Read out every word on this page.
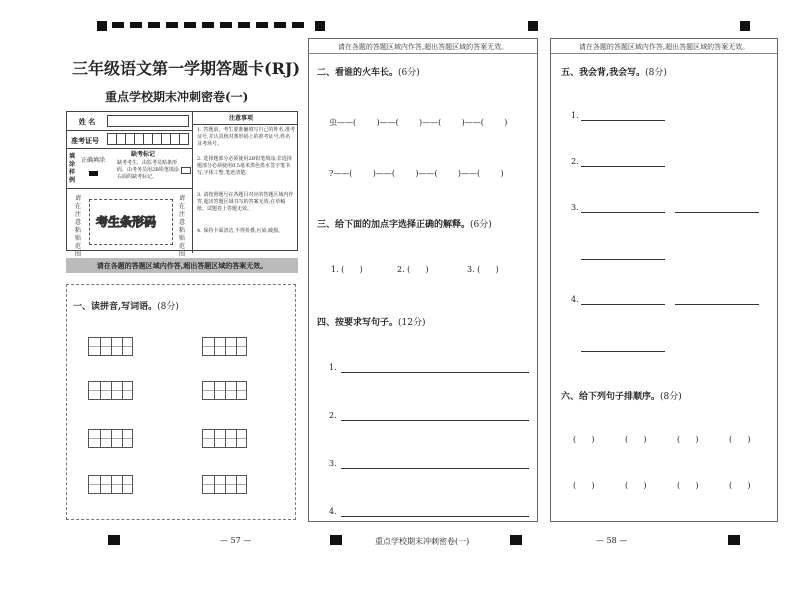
三年级语文第一学期答题卡(RJ)
重点学校期末冲刺密卷(一)
姓 名
准考证号
填涂样例
正确填涂
缺考标记
缺考考生，由监考员贴条形码，由考务员用2B铅笔填涂右面的缺考标记。
请在注意粘贴范围
考生条形码
请在注意粘贴范围
注意事项
1. 答题前，考生要准确填写自己的姓名,准考证号,并认真核对条形码上的准考证号,姓名及考场号。
2. 选择题部分必须使用2B铅笔填涂;非选择题部分必须使用0.5毫米黑色墨水签字笔书写,字体工整,笔迹清楚。
3. 请按照题号在各题目对应的答题区域内作答,超出答题区域书写的答案无效;在草稿纸、试题卷上答题无效。
4. 保持卡面清洁,不得折叠,污染,破损。
请在各题的答题区域内作答,超出答题区域的答案无效。
一、读拼音,写词语。(8分)
请在各题的答题区域内作答,超出答题区域的答案无效。
二、看谁的火车长。(6分)
虫——(        )——(        )——(        )——(        )
?——(        )——(        )——(        )——(        )
三、给下面的加点字选择正确的解释。(6分)
1. (      )	2. (      )	3. (      )
四、按要求写句子。(12分)
1.
2.
3.
4.
请在各题的答题区域内作答,超出答题区域的答案无效。
五、我会背,我会写。(8分)
1.
2.
3.
4.
六、给下列句子排顺序。(8分)
(      )	(      )	(      )	(      )
(      )	(      )	(      )	(      )
— 57 —	重点学校期末冲刺密卷(一)	— 58 —
